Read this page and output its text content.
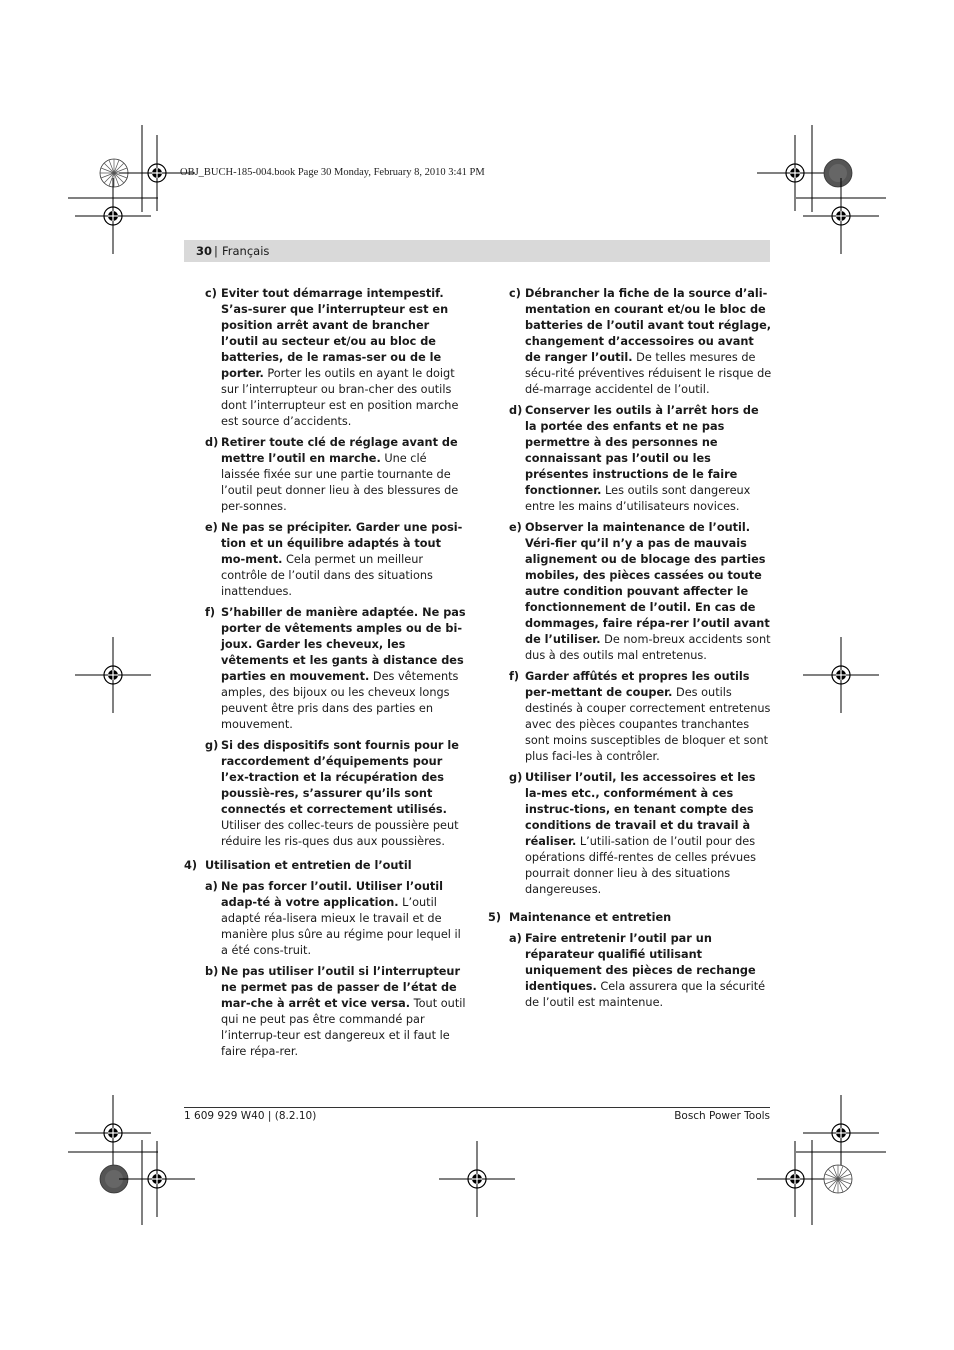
OBJ_BUCH-185-004.book Page 30 Monday, February 8, 2010 3:41 PM
30 | Français
c) Eviter tout démarrage intempestif. S’as-surer que l’interrupteur est en position arrêt avant de brancher l’outil au secteur et/ou au bloc de batteries, de le ramas-ser ou de le porter. Porter les outils en ayant le doigt sur l’interrupteur ou bran-cher des outils dont l’interrupteur est en position marche est source d’accidents.
d) Retirer toute clé de réglage avant de mettre l’outil en marche. Une clé laissée fixée sur une partie tournante de l’outil peut donner lieu à des blessures de per-sonnes.
e) Ne pas se précipiter. Garder une posi-tion et un équilibre adaptés à tout mo-ment. Cela permet un meilleur contrôle de l’outil dans des situations inattendues.
f) S’habiller de manière adaptée. Ne pas porter de vêtements amples ou de bi-joux. Garder les cheveux, les vêtements et les gants à distance des parties en mouvement. Des vêtements amples, des bijoux ou les cheveux longs peuvent être pris dans des parties en mouvement.
g) Si des dispositifs sont fournis pour le raccordement d’équipements pour l’ex-traction et la récupération des poussiè-res, s’assurer qu’ils sont connectés et correctement utilisés. Utiliser des collec-teurs de poussière peut réduire les ris-ques dus aux poussières.
4) Utilisation et entretien de l’outil
a) Ne pas forcer l’outil. Utiliser l’outil adap-té à votre application. L’outil adapté réa-lisera mieux le travail et de manière plus sûre au régime pour lequel il a été cons-truit.
b) Ne pas utiliser l’outil si l’interrupteur ne permet pas de passer de l’état de mar-che à arrêt et vice versa. Tout outil qui ne peut pas être commandé par l’interrup-teur est dangereux et il faut le faire répa-rer.
c) Débrancher la fiche de la source d’ali-mentation en courant et/ou le bloc de batteries de l’outil avant tout réglage, changement d’accessoires ou avant de ranger l’outil. De telles mesures de sécu-rité préventives réduisent le risque de dé-marrage accidentel de l’outil.
d) Conserver les outils à l’arrêt hors de la portée des enfants et ne pas permettre à des personnes ne connaissant pas l’outil ou les présentes instructions de le faire fonctionner. Les outils sont dangereux entre les mains d’utilisateurs novices.
e) Observer la maintenance de l’outil. Véri-fier qu’il n’y a pas de mauvais alignement ou de blocage des parties mobiles, des pièces cassées ou toute autre condition pouvant affecter le fonctionnement de l’outil. En cas de dommages, faire répa-rer l’outil avant de l’utiliser. De nom-breux accidents sont dus à des outils mal entretenus.
f) Garder affûtés et propres les outils per-mettant de couper. Des outils destinés à couper correctement entretenus avec des pièces coupantes tranchantes sont moins susceptibles de bloquer et sont plus faci-les à contrôler.
g) Utiliser l’outil, les accessoires et les la-mes etc., conformément à ces instruc-tions, en tenant compte des conditions de travail et du travail à réaliser. L’utili-sation de l’outil pour des opérations diffé-rentes de celles prévues pourrait donner lieu à des situations dangereuses.
5) Maintenance et entretien
a) Faire entretenir l’outil par un réparateur qualifié utilisant uniquement des pièces de rechange identiques. Cela assurera que la sécurité de l’outil est maintenue.
1 609 929 W40 | (8.2.10)	Bosch Power Tools
